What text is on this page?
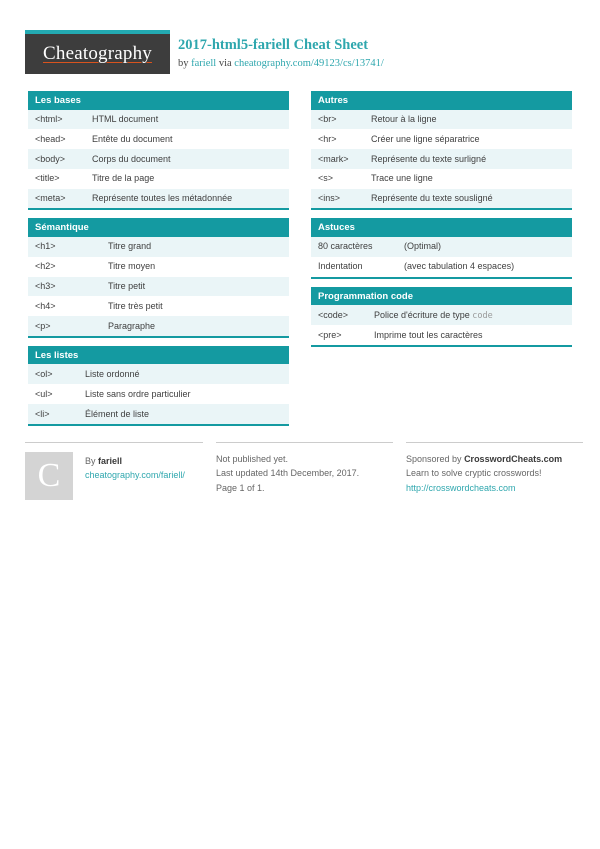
Cheatography 2017-html5-fariell Cheat Sheet
by fariell via cheatography.com/49123/cs/13741/
Les bases
<html>	HTML document
<head>	Entête du document
<body>	Corps du document
<title>	Titre de la page
<meta>	Représente toutes les métadonnée
Sémantique
<h1>	Titre grand
<h2>	Titre moyen
<h3>	Titre petit
<h4>	Titre très petit
<p>	Paragraphe
Les listes
<ol>	Liste ordonné
<ul>	Liste sans ordre particulier
<li>	Élément de liste
Autres
<br>	Retour à la ligne
<hr>	Créer une ligne séparatrice
<mark>	Représente du texte surligné
<s>	Trace une ligne
<ins>	Représente du texte sousligné
Astuces
80 caractères	(Optimal)
Indentation	(avec tabulation 4 espaces)
Programmation code
<code>	Police d'écriture de type code
<pre>	Imprime tout les caractères
C	By fariell
cheatography.com/fariell/
Not published yet.
Last updated 14th December, 2017.
Page 1 of 1.
Sponsored by CrosswordCheats.com
Learn to solve cryptic crosswords!
http://crosswordcheats.com
